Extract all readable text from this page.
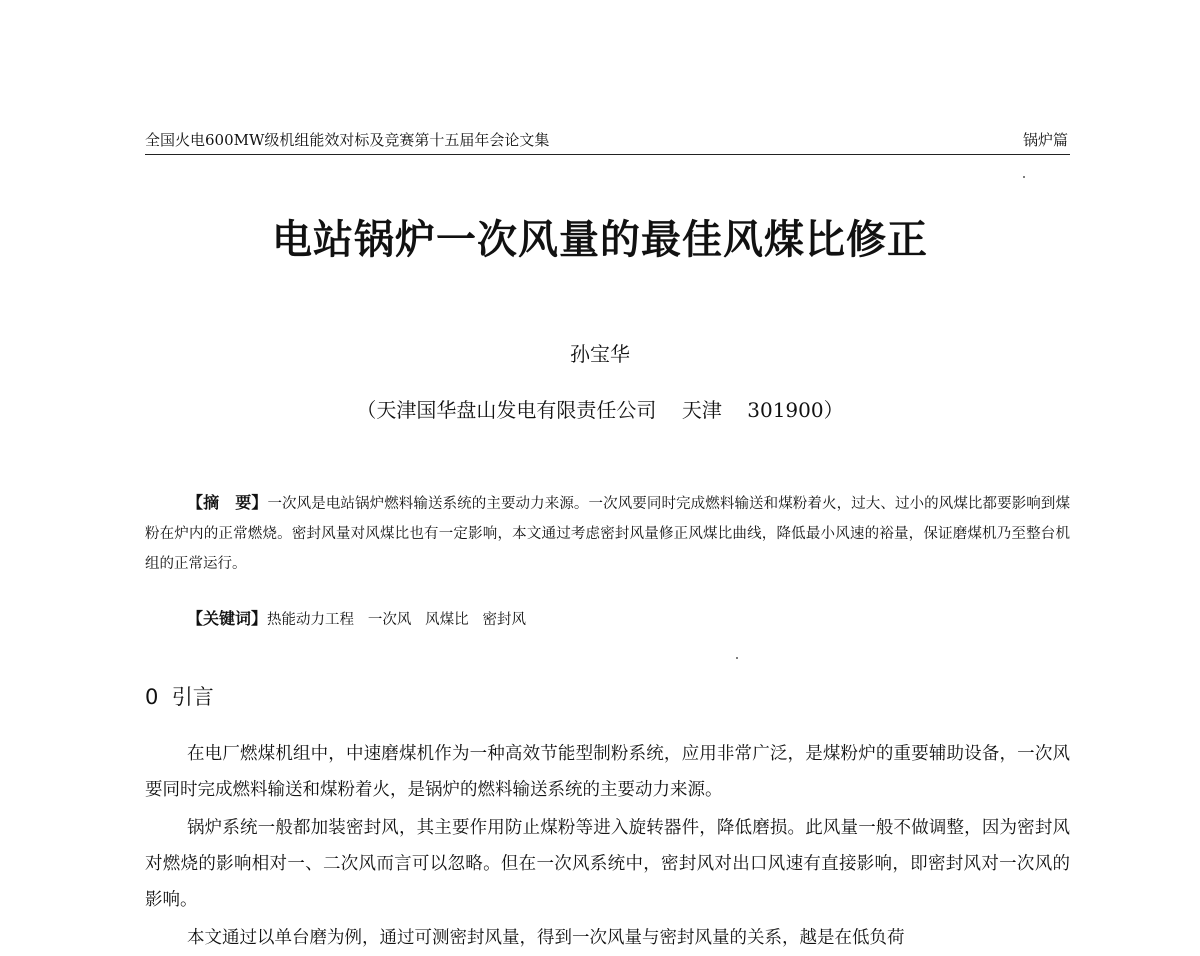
全国火电600MW级机组能效对标及竞赛第十五届年会论文集	锅炉篇
电站锅炉一次风量的最佳风煤比修正
孙宝华
（天津国华盘山发电有限责任公司    天津    301900）
【摘　要】一次风是电站锅炉燃料输送系统的主要动力来源。一次风要同时完成燃料输送和煤粉着火，过大、过小的风煤比都要影响到煤粉在炉内的正常燃烧。密封风量对风煤比也有一定影响，本文通过考虑密封风量修正风煤比曲线，降低最小风速的裕量，保证磨煤机乃至整台机组的正常运行。
【关键词】热能动力工程   一次风   风煤比   密封风
0 引言
在电厂燃煤机组中，中速磨煤机作为一种高效节能型制粉系统，应用非常广泛，是煤粉炉的重要辅助设备，一次风要同时完成燃料输送和煤粉着火，是锅炉的燃料输送系统的主要动力来源。
锅炉系统一般都加装密封风，其主要作用防止煤粉等进入旋转器件，降低磨损。此风量一般不做调整，因为密封风对燃烧的影响相对一、二次风而言可以忽略。但在一次风系统中，密封风对出口风速有直接影响，即密封风对一次风的影响。
本文通过以单台磨为例，通过可测密封风量，得到一次风量与密封风量的关系，越是在低负荷
